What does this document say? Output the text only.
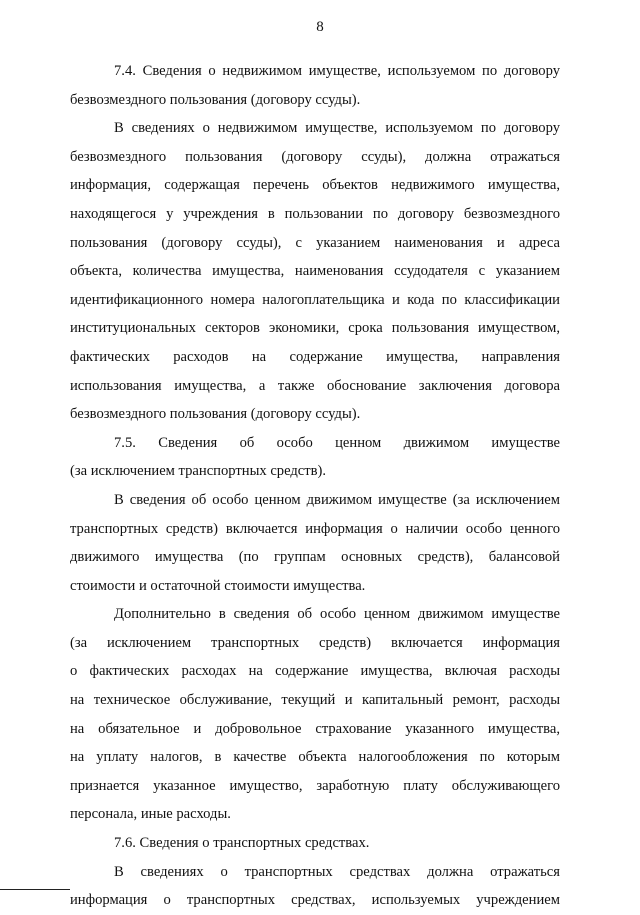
8
7.4. Сведения о недвижимом имуществе, используемом по договору
безвозмездного пользования (договору ссуды).
В сведениях о недвижимом имуществе, используемом по договору
безвозмездного пользования (договору ссуды), должна отражаться
информация, содержащая перечень объектов недвижимого имущества,
находящегося у учреждения в пользовании по договору безвозмездного
пользования (договору ссуды), с указанием наименования и адреса
объекта, количества имущества, наименования ссудодателя с указанием
идентификационного номера налогоплательщика и кода по классификации
институциональных секторов экономики, срока пользования имуществом,
фактических расходов на содержание имущества, направления
использования имущества, а также обоснование заключения договора
безвозмездного пользования (договору ссуды).
7.5. Сведения об особо ценном движимом имуществе
(за исключением транспортных средств).
В сведения об особо ценном движимом имуществе (за исключением
транспортных средств) включается информация о наличии особо ценного
движимого имущества (по группам основных средств), балансовой
стоимости и остаточной стоимости имущества.
Дополнительно в сведения об особо ценном движимом имуществе
(за исключением транспортных средств) включается информация
о фактических расходах на содержание имущества, включая расходы
на техническое обслуживание, текущий и капитальный ремонт, расходы
на обязательное и добровольное страхование указанного имущества,
на уплату налогов, в качестве объекта налогообложения по которым
признается указанное имущество, заработную плату обслуживающего
персонала, иные расходы.
7.6. Сведения о транспортных средствах.
В сведениях о транспортных средствах должна отражаться
информация о транспортных средствах, используемых учреждением
